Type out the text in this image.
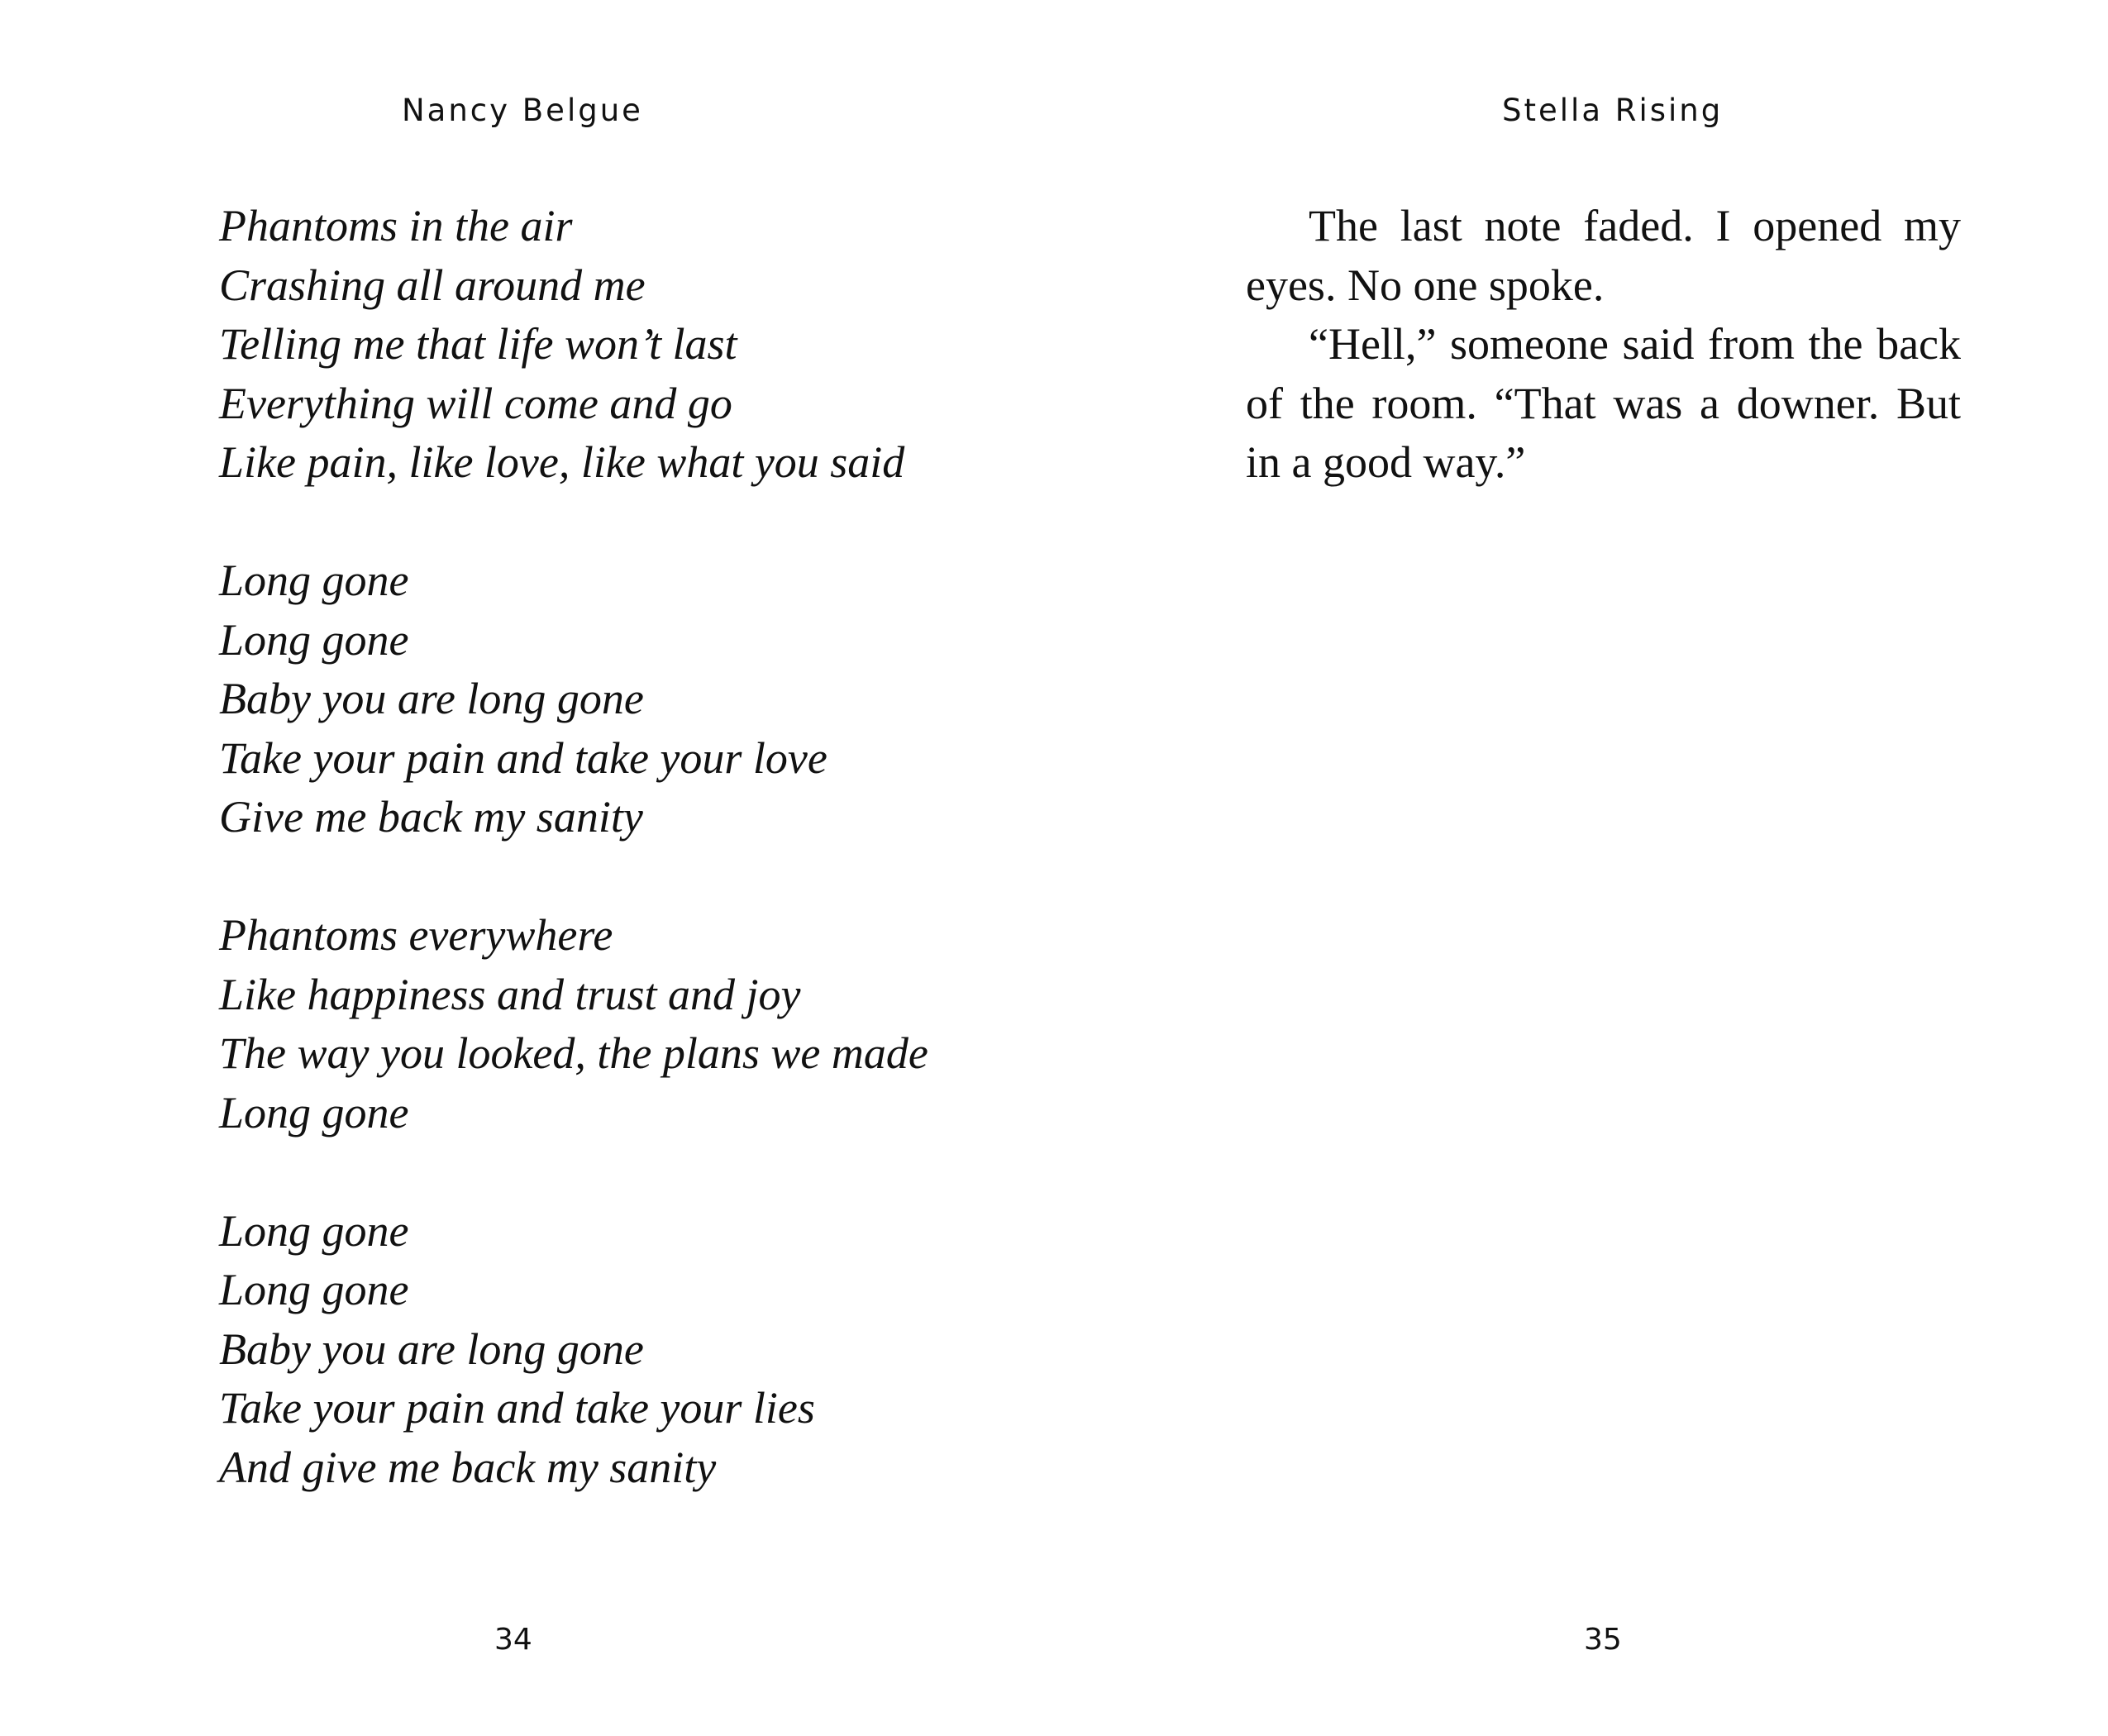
Nancy Belgue
Phantoms in the air
Crashing all around me
Telling me that life won’t last
Everything will come and go
Like pain, like love, like what you said
Long gone
Long gone
Baby you are long gone
Take your pain and take your love
Give me back my sanity
Phantoms everywhere
Like happiness and trust and joy
The way you looked, the plans we made
Long gone
Long gone
Long gone
Baby you are long gone
Take your pain and take your lies
And give me back my sanity
34
Stella Rising

The last note faded. I opened my eyes. No one spoke.

“Hell,” someone said from the back of the room. “That was a downer. But in a good way.”

35
